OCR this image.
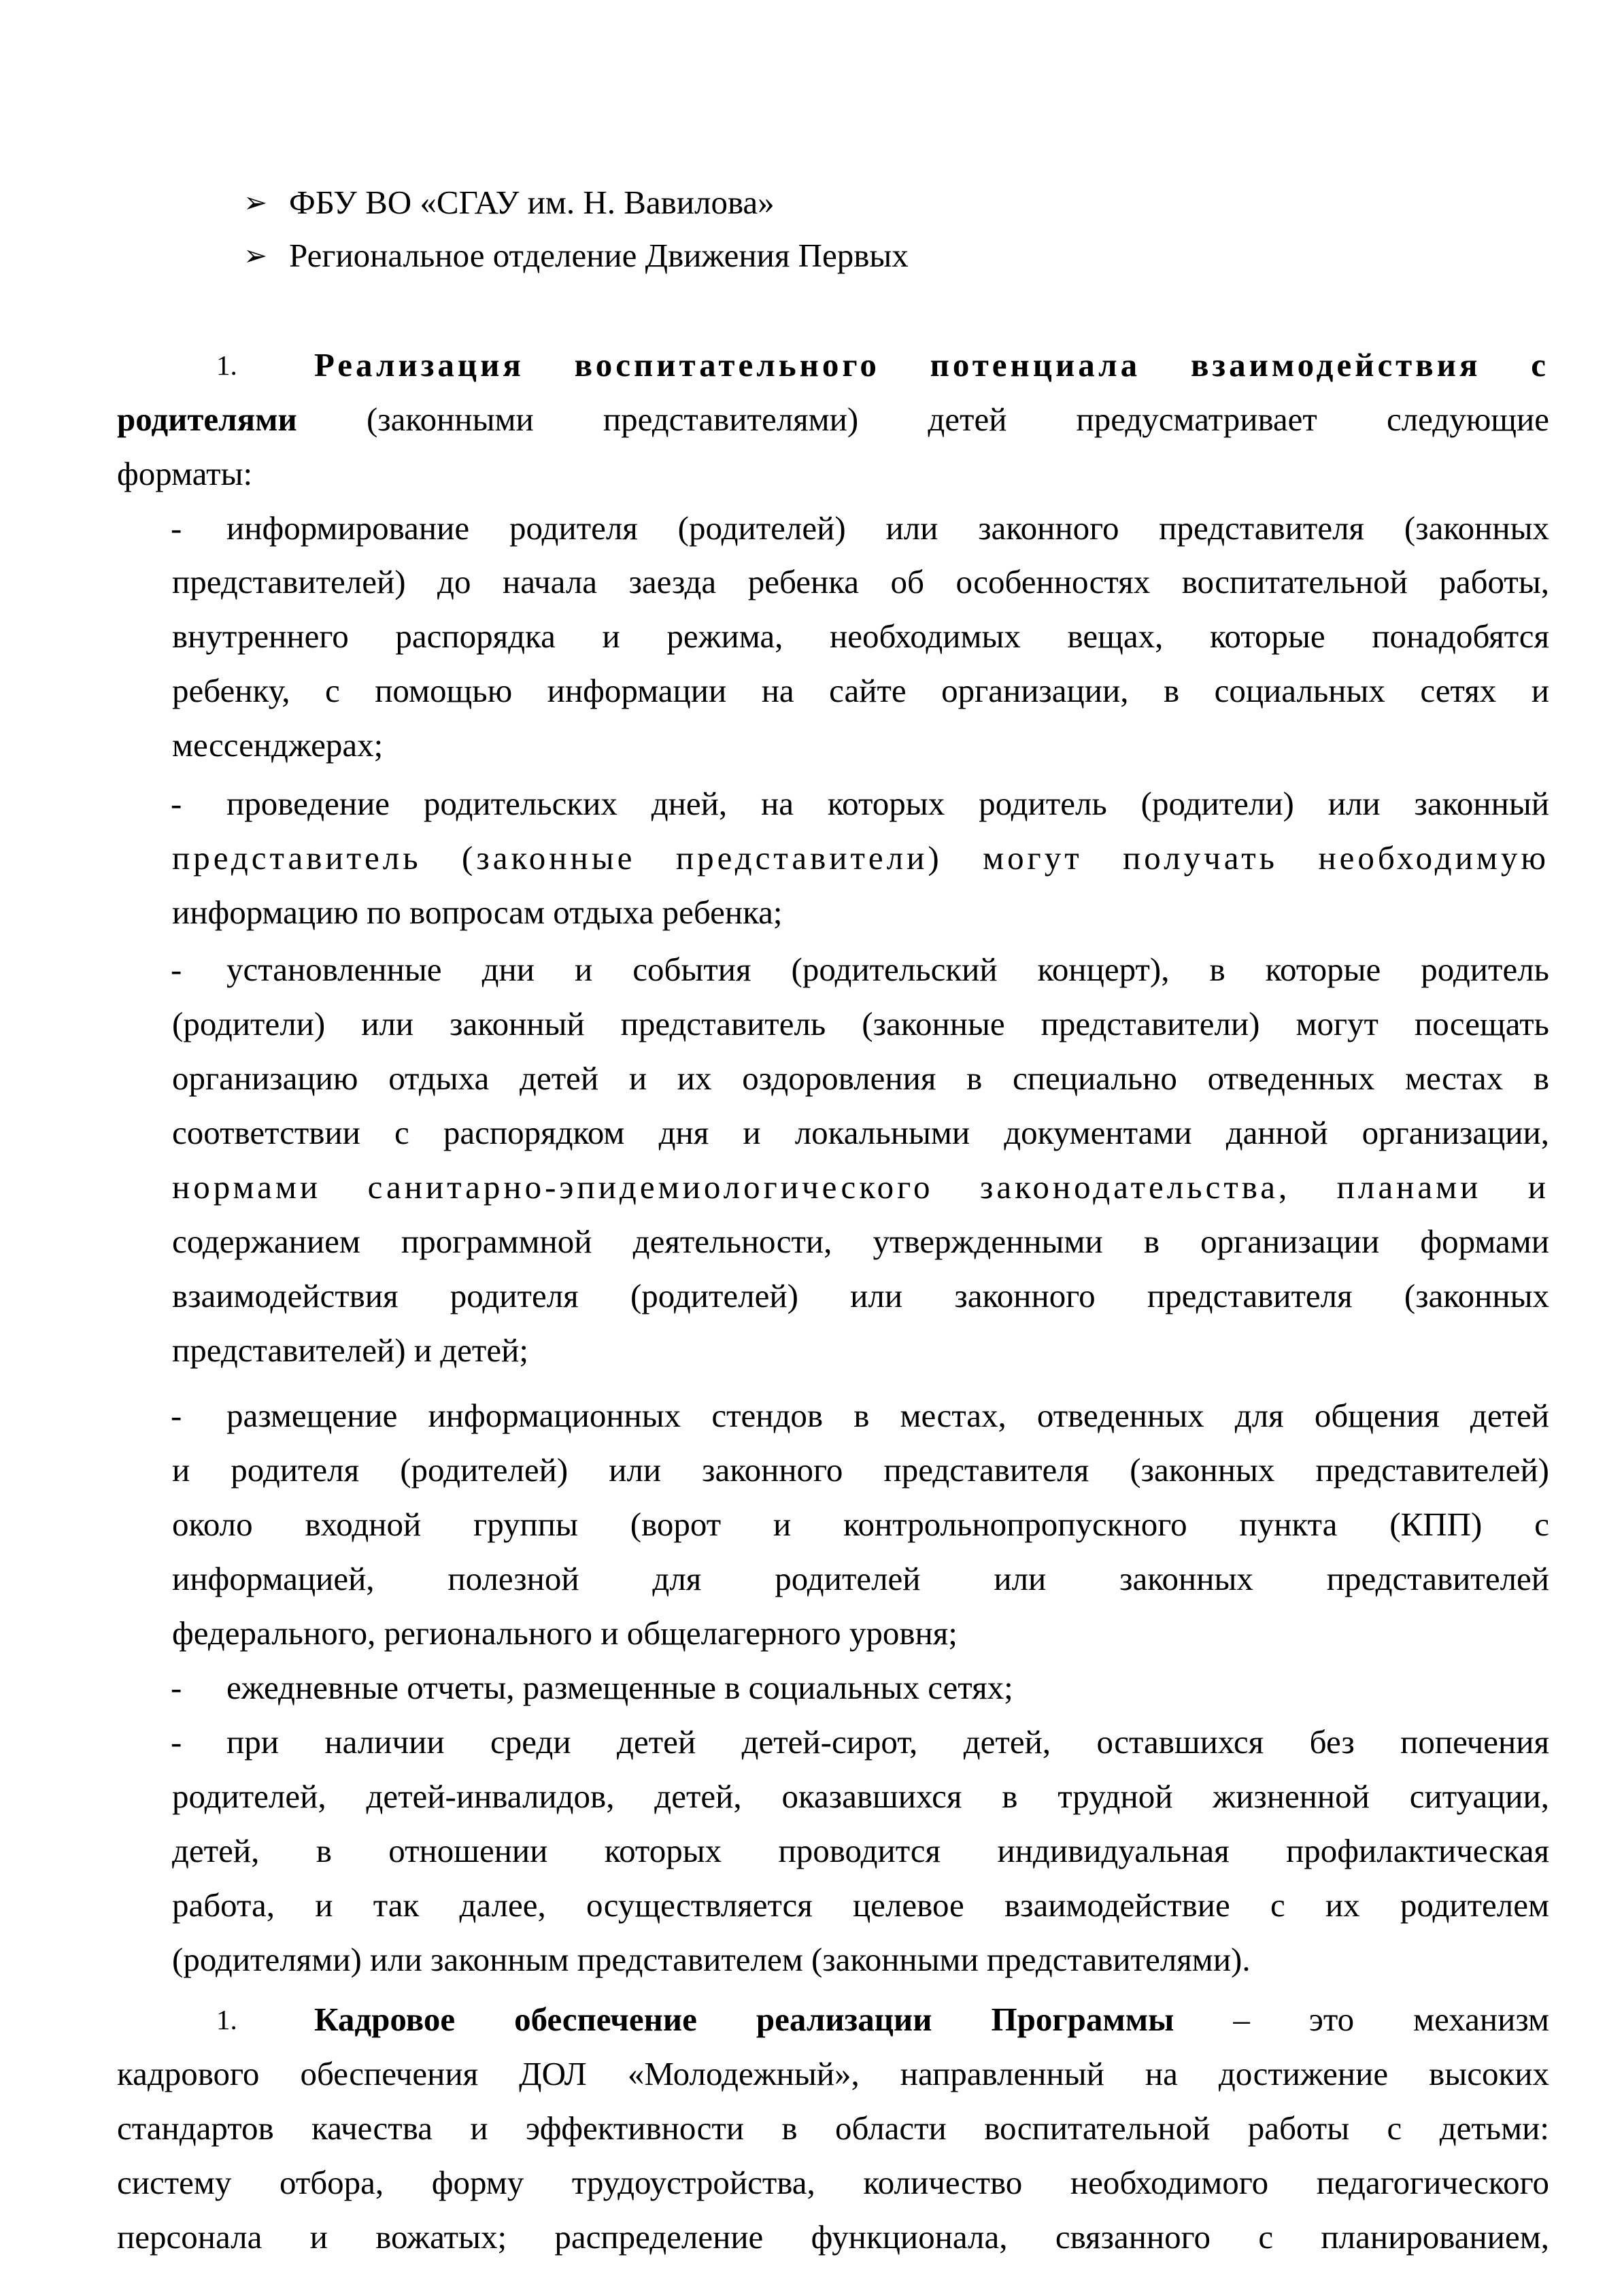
➢ ФБУ ВО «СГАУ им. Н. Вавилова»
➢ Региональное отделение Движения Первых
1. Реализация воспитательного потенциала взаимодействия с
родителями (законными представителями) детей предусматривает следующие
форматы:
- информирование родителя (родителей) или законного представителя (законных
представителей) до начала заезда ребенка об особенностях воспитательной работы,
внутреннего распорядка и режима, необходимых вещах, которые понадобятся
ребенку, с помощью информации на сайте организации, в социальных сетях и
мессенджерах;
- проведение родительских дней, на которых родитель (родители) или законный
представитель (законные представители) могут получать необходимую
информацию по вопросам отдыха ребенка;
- установленные дни и события (родительский концерт), в которые родитель
(родители) или законный представитель (законные представители) могут посещать
организацию отдыха детей и их оздоровления в специально отведенных местах в
соответствии с распорядком дня и локальными документами данной организации,
нормами санитарно-эпидемиологического законодательства, планами и
содержанием программной деятельности, утвержденными в организации формами
взаимодействия родителя (родителей) или законного представителя (законных
представителей) и детей;
- размещение информационных стендов в местах, отведенных для общения детей
и родителя (родителей) или законного представителя (законных представителей)
около входной группы (ворот и контрольнопропускного пункта (КПП) с
информацией, полезной для родителей или законных представителей
федерального, регионального и общелагерного уровня;
- ежедневные отчеты, размещенные в социальных сетях;
- при наличии среди детей детей-сирот, детей, оставшихся без попечения
родителей, детей-инвалидов, детей, оказавшихся в трудной жизненной ситуации,
детей, в отношении которых проводится индивидуальная профилактическая
работа, и так далее, осуществляется целевое взаимодействие с их родителем
(родителями) или законным представителем (законными представителями).
1. Кадровое обеспечение реализации Программы – это механизм
кадрового обеспечения ДОЛ «Молодежный», направленный на достижение высоких
стандартов качества и эффективности в области воспитательной работы с детьми:
систему отбора, форму трудоустройства, количество необходимого педагогического
персонала и вожатых; распределение функционала, связанного с планированием,
